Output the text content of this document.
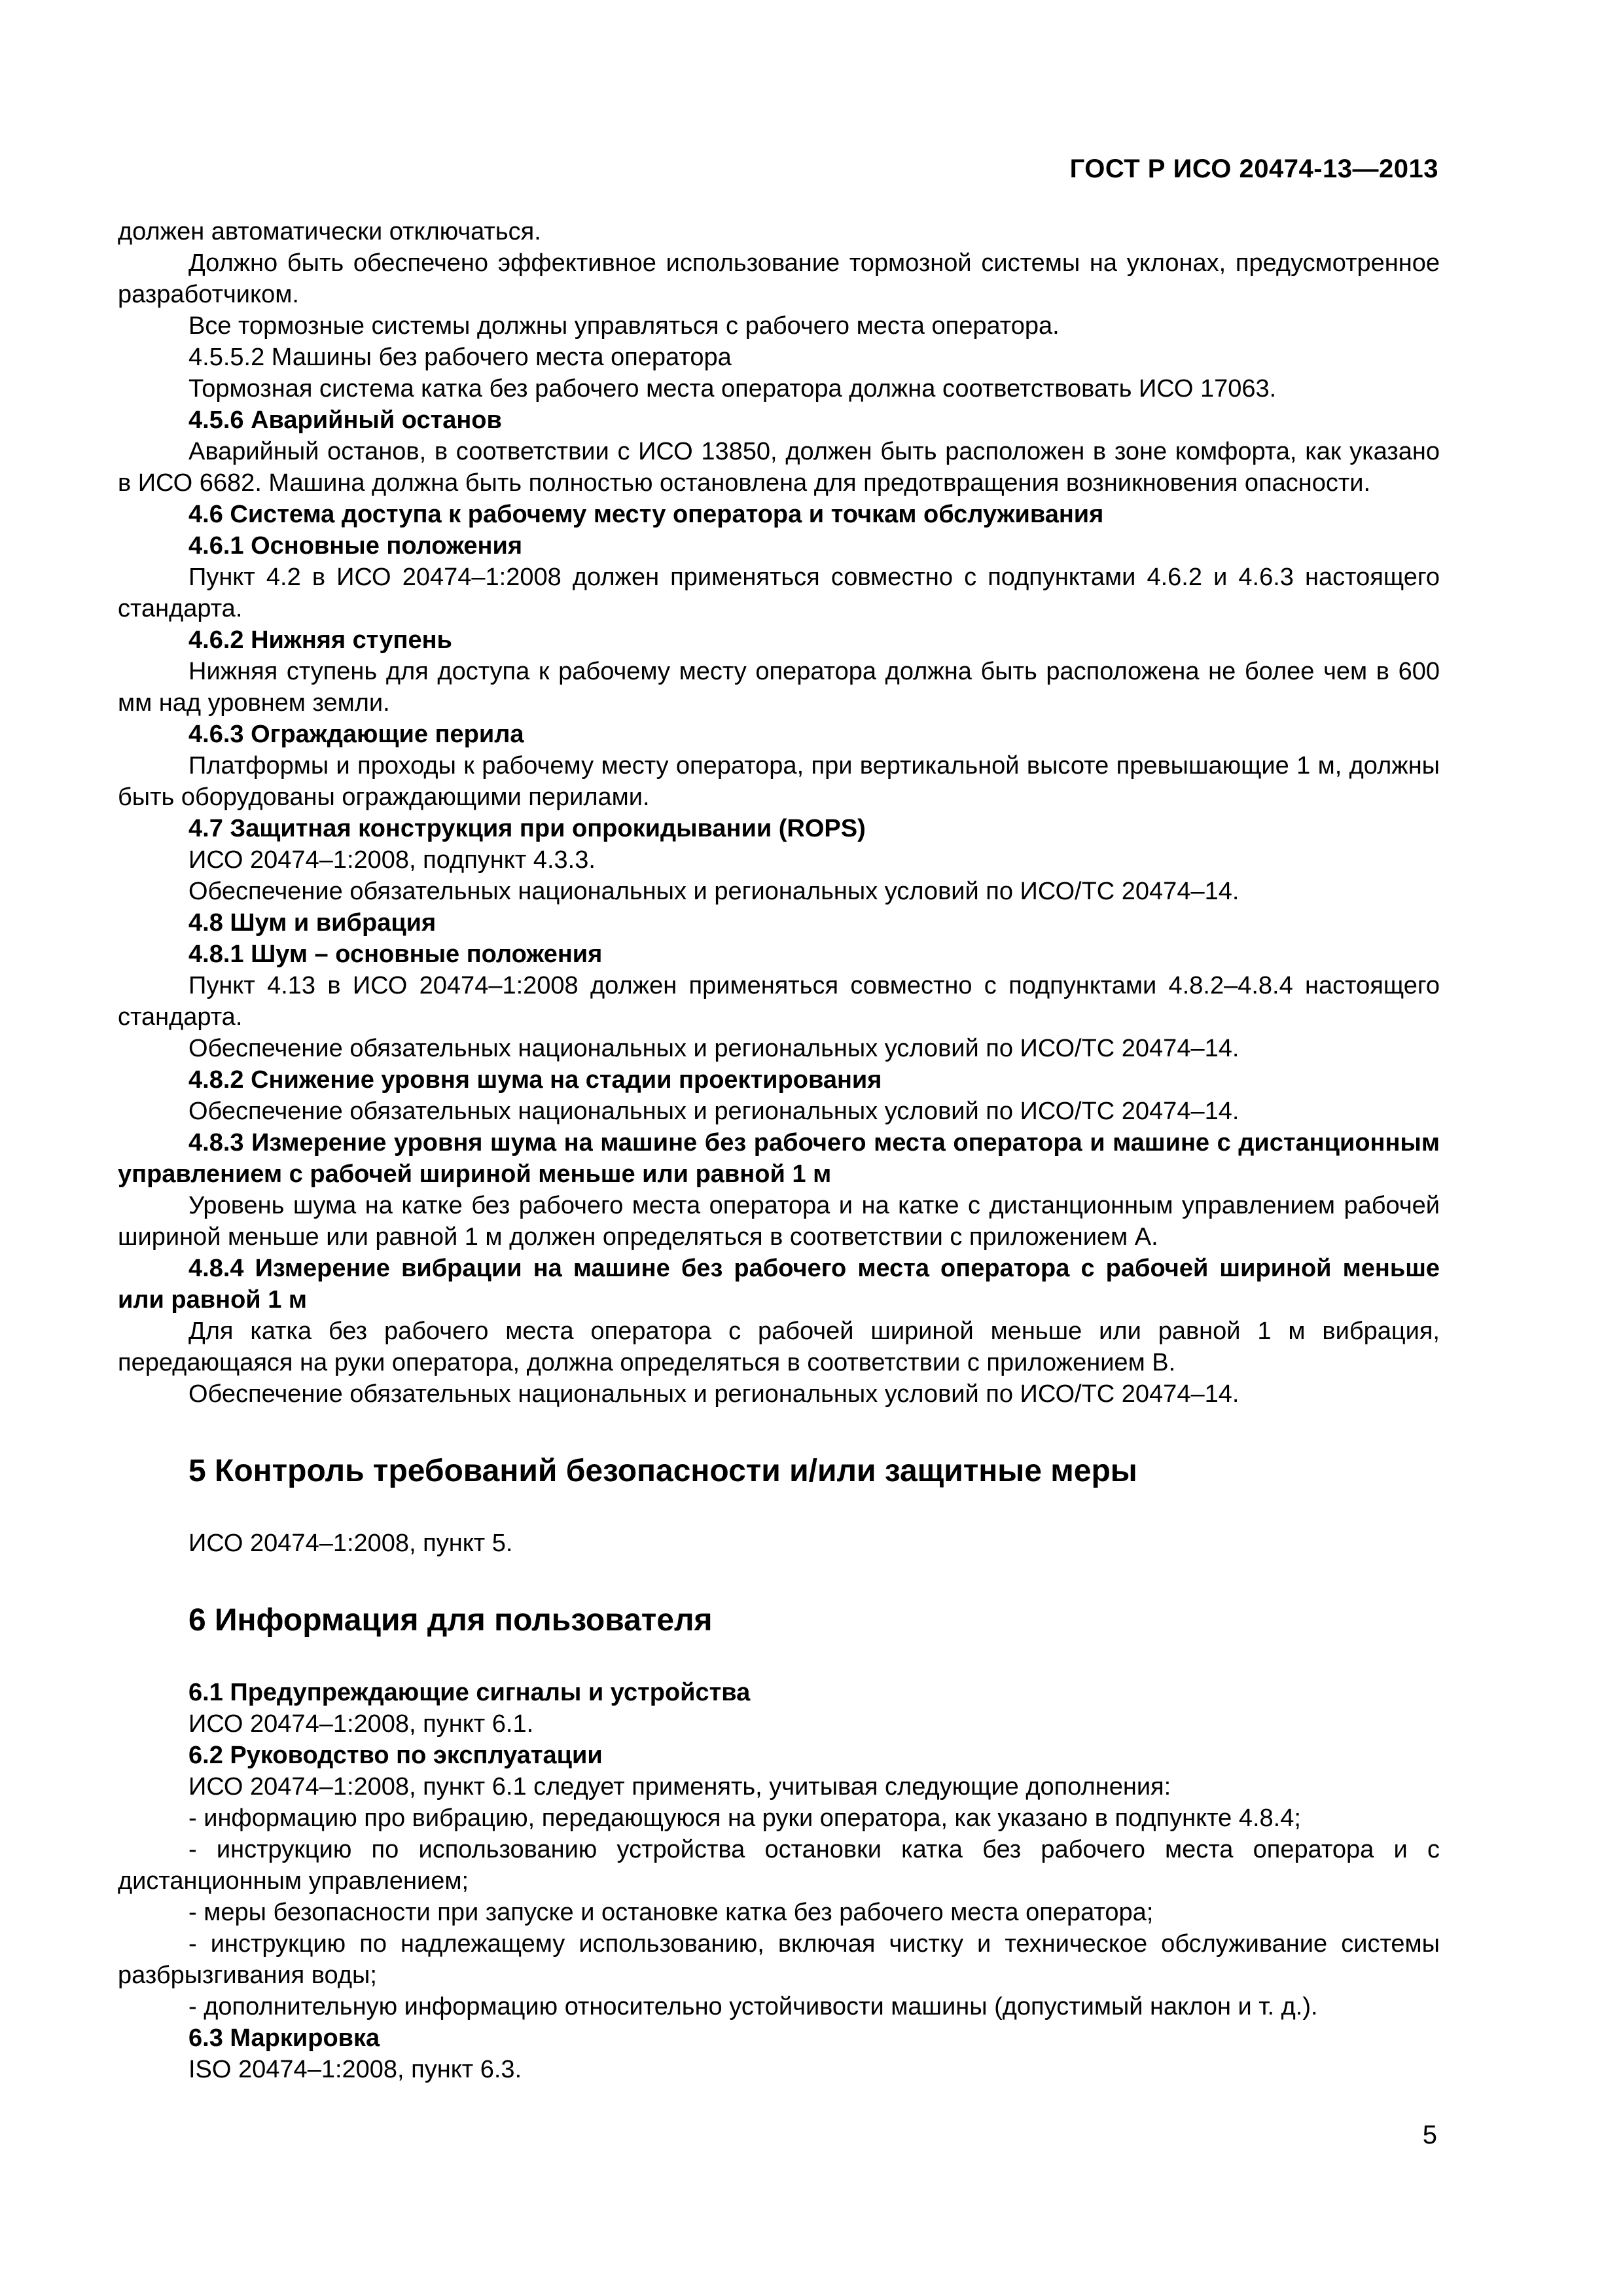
ГОСТ Р ИСО 20474-13—2013

должен автоматически отключаться.

Должно быть обеспечено эффективное использование тормозной системы на уклонах, предусмотренное разработчиком.

Все тормозные системы должны управляться с рабочего места оператора.

4.5.5.2 Машины без рабочего места оператора

Тормозная система катка без рабочего места оператора должна соответствовать ИСО 17063.

4.5.6 Аварийный останов

Аварийный останов, в соответствии с ИСО 13850, должен быть расположен в зоне комфорта, как указано в ИСО 6682. Машина должна быть полностью остановлена для предотвращения возникновения опасности.

4.6 Система доступа к рабочему месту оператора и точкам обслуживания

4.6.1 Основные положения

Пункт 4.2 в ИСО 20474–1:2008 должен применяться совместно с подпунктами 4.6.2 и 4.6.3 настоящего стандарта.

4.6.2 Нижняя ступень

Нижняя ступень для доступа к рабочему месту оператора должна быть расположена не более чем в 600 мм над уровнем земли.

4.6.3 Ограждающие перила

Платформы и проходы к рабочему месту оператора, при вертикальной высоте превышающие 1 м, должны быть оборудованы ограждающими перилами.

4.7 Защитная конструкция при опрокидывании (ROPS)

ИСО 20474–1:2008, подпункт 4.3.3.

Обеспечение обязательных национальных и региональных условий по ИСО/ТС 20474–14.

4.8 Шум и вибрация

4.8.1 Шум – основные положения

Пункт 4.13 в ИСО 20474–1:2008 должен применяться совместно с подпунктами 4.8.2–4.8.4 настоящего стандарта.

Обеспечение обязательных национальных и региональных условий по ИСО/ТС 20474–14.

4.8.2 Снижение уровня шума на стадии проектирования

Обеспечение обязательных национальных и региональных условий по ИСО/ТС 20474–14.

4.8.3 Измерение уровня шума на машине без рабочего места оператора и машине с дистанционным управлением с рабочей шириной меньше или равной 1 м

Уровень шума на катке без рабочего места оператора и на катке с дистанционным управлением рабочей шириной меньше или равной 1 м должен определяться в соответствии с приложением А.

4.8.4 Измерение вибрации на машине без рабочего места оператора с рабочей шириной меньше или равной 1 м

Для катка без рабочего места оператора с рабочей шириной меньше или равной 1 м вибрация, передающаяся на руки оператора, должна определяться в соответствии с приложением В.

Обеспечение обязательных национальных и региональных условий по ИСО/ТС 20474–14.

5 Контроль требований безопасности и/или защитные меры

ИСО 20474–1:2008, пункт 5.

6 Информация для пользователя

6.1 Предупреждающие сигналы и устройства

ИСО 20474–1:2008, пункт 6.1.

6.2 Руководство по эксплуатации

ИСО 20474–1:2008, пункт 6.1 следует применять, учитывая следующие дополнения:

- информацию про вибрацию, передающуюся на руки оператора, как указано в подпункте 4.8.4;

- инструкцию по использованию устройства остановки катка без рабочего места оператора и с дистанционным управлением;

- меры безопасности при запуске и остановке катка без рабочего места оператора;

- инструкцию по надлежащему использованию, включая чистку и техническое обслуживание системы разбрызгивания воды;

- дополнительную информацию относительно устойчивости машины (допустимый наклон и т. д.).

6.3 Маркировка

ISO 20474–1:2008, пункт 6.3.

5
